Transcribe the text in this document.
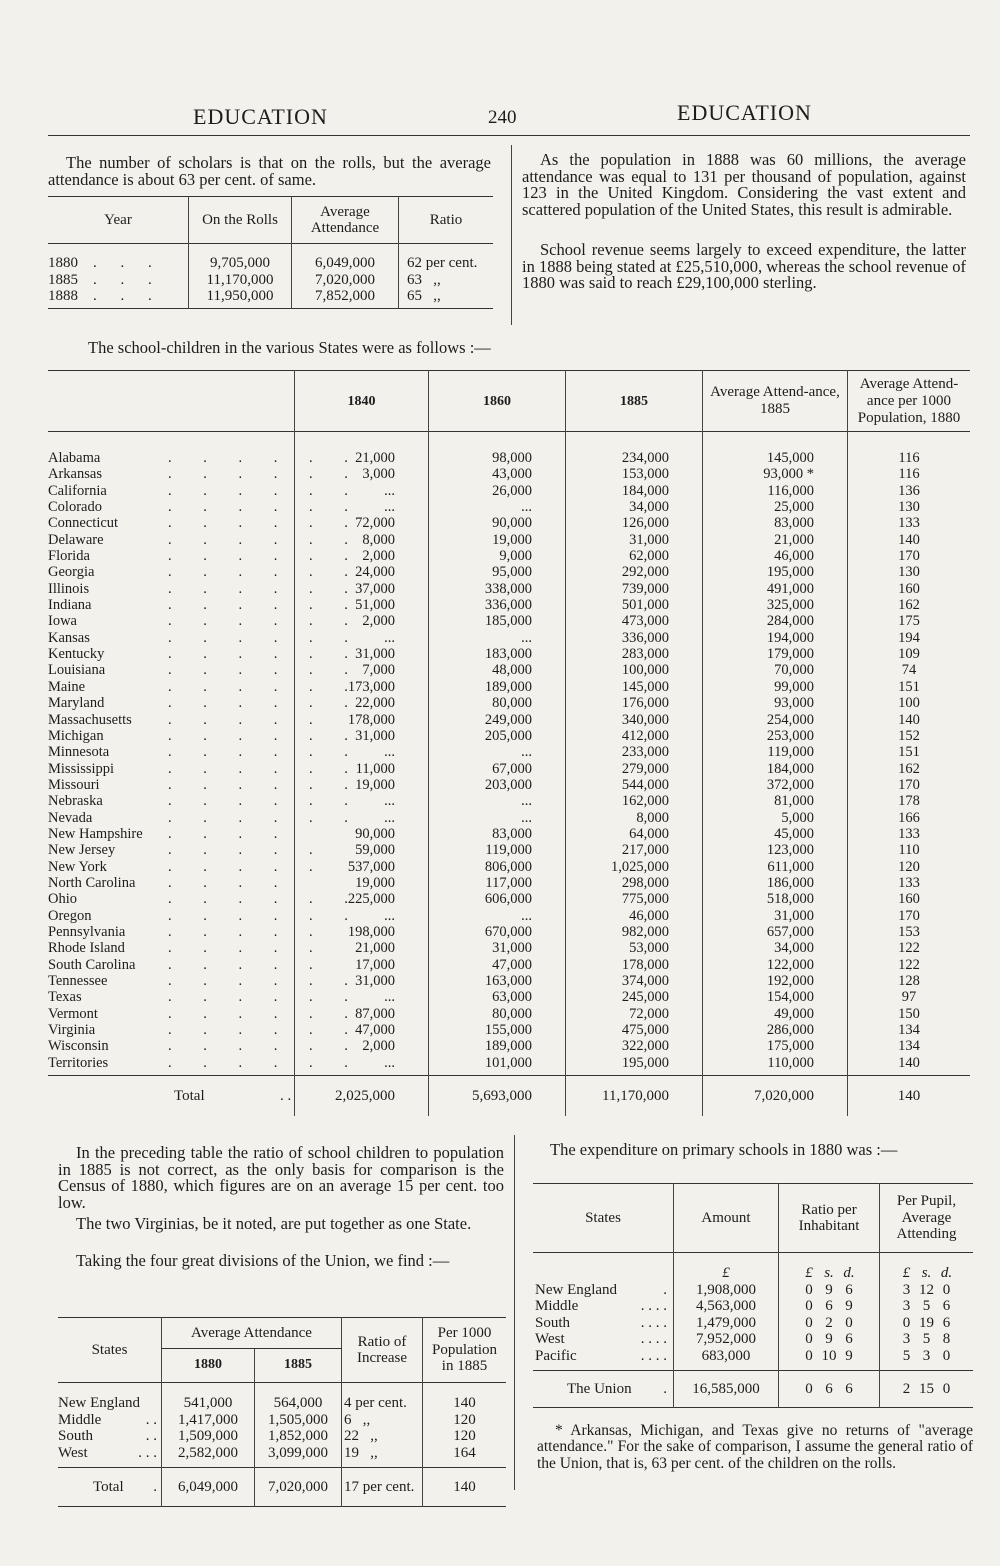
EDUCATION	240	EDUCATION

The number of scholars is that on the rolls, but the average attendance is about 63 per cent. of same.

Year	On the Rolls	Average Attendance	Ratio
1880 . . .	9,705,000	6,049,000	62 per cent.
1885 . . .	11,170,000	7,020,000	63   ,,
1888 . . .	11,950,000	7,852,000	65   ,,

As the population in 1888 was 60 millions, the average attendance was equal to 131 per thousand of population, against 123 in the United Kingdom. Considering the vast extent and scattered population of the United States, this result is admirable.

School revenue seems largely to exceed expenditure, the latter in 1888 being stated at £25,510,000, whereas the school revenue of 1880 was said to reach £29,100,000 sterling.

The school-children in the various States were as follows :—

	1840	1860	1885	Average Attend-ance, 1885	Average Attend-ance per 1000 Population, 1880
Alabama . . . . . .	21,000	98,000	234,000	145,000	116
Arkansas . . . . . .	3,000	43,000	153,000	93,000 *	116
California . . . . . .	...	26,000	184,000	116,000	136
Colorado . . . . . .	...	...	34,000	25,000	130
Connecticut . . . . . .	72,000	90,000	126,000	83,000	133
Delaware . . . . . .	8,000	19,000	31,000	21,000	140
Florida . . . . . .	2,000	9,000	62,000	46,000	170
Georgia . . . . . .	24,000	95,000	292,000	195,000	130
Illinois . . . . . .	37,000	338,000	739,000	491,000	160
Indiana . . . . . .	51,000	336,000	501,000	325,000	162
Iowa . . . . . .	2,000	185,000	473,000	284,000	175
Kansas . . . . . .	...	...	336,000	194,000	194
Kentucky . . . . . .	31,000	183,000	283,000	179,000	109
Louisiana . . . . . .	7,000	48,000	100,000	70,000	74
Maine . . . . . .	173,000	189,000	145,000	99,000	151
Maryland . . . . . .	22,000	80,000	176,000	93,000	100
Massachusetts . . . . .	178,000	249,000	340,000	254,000	140
Michigan . . . . . .	31,000	205,000	412,000	253,000	152
Minnesota . . . . . .	...	...	233,000	119,000	151
Mississippi . . . . . .	11,000	67,000	279,000	184,000	162
Missouri . . . . . .	19,000	203,000	544,000	372,000	170
Nebraska . . . . . .	...	...	162,000	81,000	178
Nevada . . . . . .	...	...	8,000	5,000	166
New Hampshire . . . .	90,000	83,000	64,000	45,000	133
New Jersey . . . . .	59,000	119,000	217,000	123,000	110
New York . . . . .	537,000	806,000	1,025,000	611,000	120
North Carolina . . . .	19,000	117,000	298,000	186,000	133
Ohio . . . . . .	225,000	606,000	775,000	518,000	160
Oregon . . . . . .	...	...	46,000	31,000	170
Pennsylvania . . . . .	198,000	670,000	982,000	657,000	153
Rhode Island . . . . .	21,000	31,000	53,000	34,000	122
South Carolina . . . . .	17,000	47,000	178,000	122,000	122
Tennessee . . . . . .	31,000	163,000	374,000	192,000	128
Texas . . . . . .	...	63,000	245,000	154,000	97
Vermont . . . . . .	87,000	80,000	72,000	49,000	150
Virginia . . . . . .	47,000	155,000	475,000	286,000	134
Wisconsin . . . . . .	2,000	189,000	322,000	175,000	134
Territories . . . . . .	...	101,000	195,000	110,000	140
Total . .	2,025,000	5,693,000	11,170,000	7,020,000	140

In the preceding table the ratio of school children to population in 1885 is not correct, as the only basis for comparison is the Census of 1880, which figures are on an average 15 per cent. too low.

The two Virginias, be it noted, are put together as one State.

Taking the four great divisions of the Union, we find :—

States	Average Attendance		Ratio of Increase	Per 1000 Population in 1885
	1880	1885		
New England	541,000	564,000	4 per cent.	140
Middle . .	1,417,000	1,505,000	6   ,,	120
South . .	1,509,000	1,852,000	22   ,,	120
West . . .	2,582,000	3,099,000	19   ,,	164
Total .	6,049,000	7,020,000	17 per cent.	140

The expenditure on primary schools in 1880 was :—

States	Amount	Ratio per Inhabitant	Per Pupil, Average Attending
	£	£ s. d.	£ s. d.
New England .	1,908,000	0 9 6	3 12 0
Middle . . . .	4,563,000	0 6 9	3 5 6
South . . . .	1,479,000	0 2 0	0 19 6
West . . . .	7,952,000	0 9 6	3 5 8
Pacific . . . .	683,000	0 10 9	5 3 0
The Union .	16,585,000	0 6 6	2 15 0

* Arkansas, Michigan, and Texas give no returns of "average attendance." For the sake of comparison, I assume the general ratio of the Union, that is, 63 per cent. of the children on the rolls.
